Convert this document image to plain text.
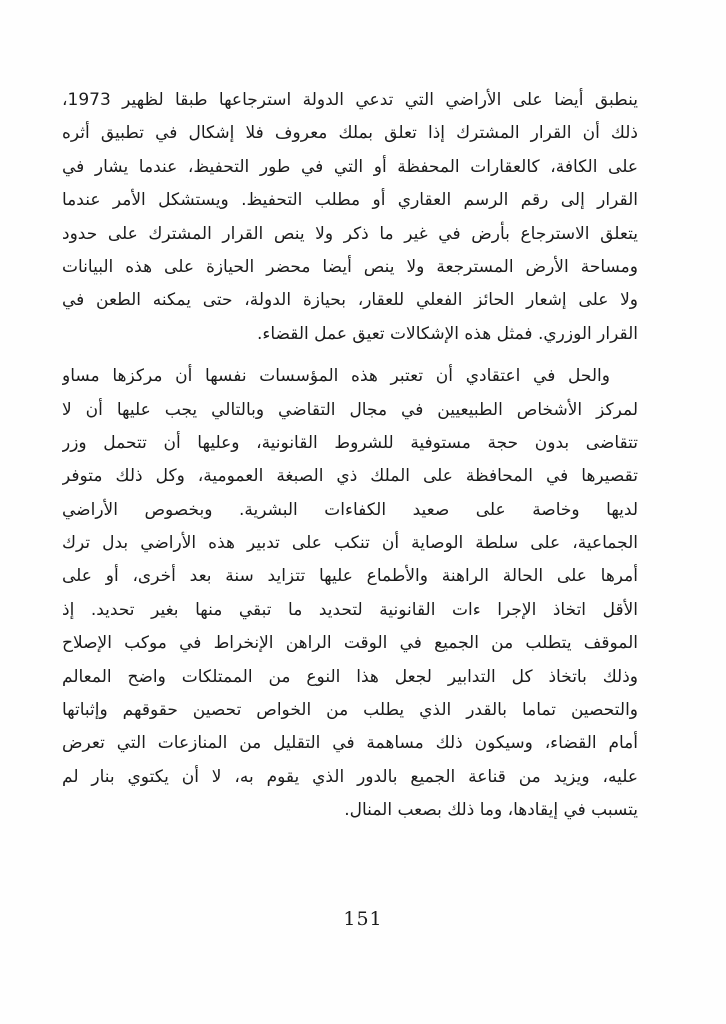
ينطبق أيضا على الأراضي التي تدعي الدولة استرجاعها طبقا لظهير 1973،
ذلك أن القرار المشترك إذا تعلق بملك معروف فلا إشكال في تطبيق أثره
على الكافة، كالعقارات المحفظة أو التي في طور التحفيظ، عندما يشار في
القرار إلى رقم الرسم العقاري أو مطلب التحفيظ. ويستشكل الأمر عندما
يتعلق الاسترجاع بأرض في غير ما ذكر ولا ينص القرار المشترك على حدود
ومساحة الأرض المسترجعة ولا ينص أيضا محضر الحيازة على هذه البيانات
ولا على إشعار الحائز الفعلي للعقار، بحيازة الدولة، حتى يمكنه الطعن في
القرار الوزري. فمثل هذه الإشكالات تعيق عمل القضاء.
والحل في اعتقادي أن تعتبر هذه المؤسسات نفسها أن مركزها مساو
لمركز الأشخاص الطبيعيين في مجال التقاضي وبالتالي يجب عليها أن لا
تتقاضى بدون حجة مستوفية للشروط القانونية، وعليها أن تتحمل وزر
تقصيرها في المحافظة على الملك ذي الصبغة العمومية، وكل ذلك متوفر
لديها وخاصة على صعيد الكفاءات البشرية. وبخصوص الأراضي
الجماعية، على سلطة الوصاية أن تنكب على تدبير هذه الأراضي بدل ترك
أمرها على الحالة الراهنة والأطماع عليها تتزايد سنة بعد أخرى، أو على
الأقل اتخاذ الإجرا ءات القانونية لتحديد ما تبقي منها بغير تحديد. إذ
الموقف يتطلب من الجميع في الوقت الراهن الإنخراط في موكب الإصلاح
وذلك باتخاذ كل التدابير لجعل هذا النوع من الممتلكات واضح المعالم
والتحصين تماما بالقدر الذي يطلب من الخواص تحصين حقوقهم وإثباتها
أمام القضاء، وسيكون ذلك مساهمة في التقليل من المنازعات التي تعرض
عليه، ويزيد من قناعة الجميع بالدور الذي يقوم به، لا أن يكتوي بنار لم
يتسبب في إيقادها، وما ذلك بصعب المنال.
151
